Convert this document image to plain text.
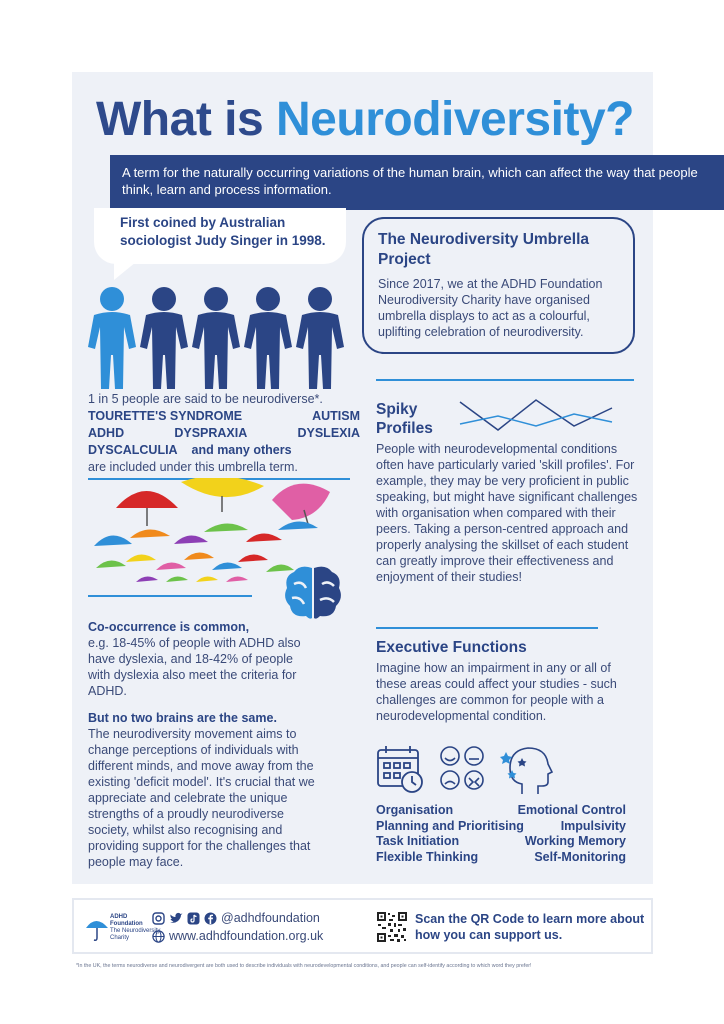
What is Neurodiversity?
A term for the naturally occurring variations of the human brain, which can affect the way that people think, learn and process information.
First coined by Australian sociologist Judy Singer in 1998.
1 in 5 people are said to be neurodiverse*.
TOURETTE'S SYNDROME	AUTISM
ADHD	DYSPRAXIA	DYSLEXIA
DYSCALCULIA and many others
are included under this umbrella term.
Co-occurrence is common,
e.g. 18-45% of people with ADHD also have dyslexia, and 18-42% of people with dyslexia also meet the criteria for ADHD.
But no two brains are the same.
The neurodiversity movement aims to change perceptions of individuals with different minds, and move away from the existing 'deficit model'. It's crucial that we appreciate and celebrate the unique strengths of a proudly neurodiverse society, whilst also recognising and providing support for the challenges that people may face.
The Neurodiversity Umbrella Project
Since 2017, we at the ADHD Foundation Neurodiversity Charity have organised umbrella displays to act as a colourful, uplifting celebration of neurodiversity.
Spiky
Profiles
People with neurodevelopmental conditions often have particularly varied 'skill profiles'. For example, they may be very proficient in public speaking, but might have significant challenges with organisation when compared with their peers. Taking a person-centred approach and properly analysing the skillset of each student can greatly improve their effectiveness and enjoyment of their studies!
Executive Functions
Imagine how an impairment in any or all of these areas could affect your studies - such challenges are common for people with a neurodevelopmental condition.
Organisation	Emotional Control
Planning and Prioritising	Impulsivity
Task Initiation	Working Memory
Flexible Thinking	Self-Monitoring
ADHD
Foundation
The Neurodiversity
Charity
@adhdfoundation
www.adhdfoundation.org.uk
Scan the QR Code to learn more about how you can support us.
*In the UK, the terms neurodiverse and neurodivergent are both used to describe individuals with neurodevelopmental conditions, and people can self-identify according to which word they prefer!
